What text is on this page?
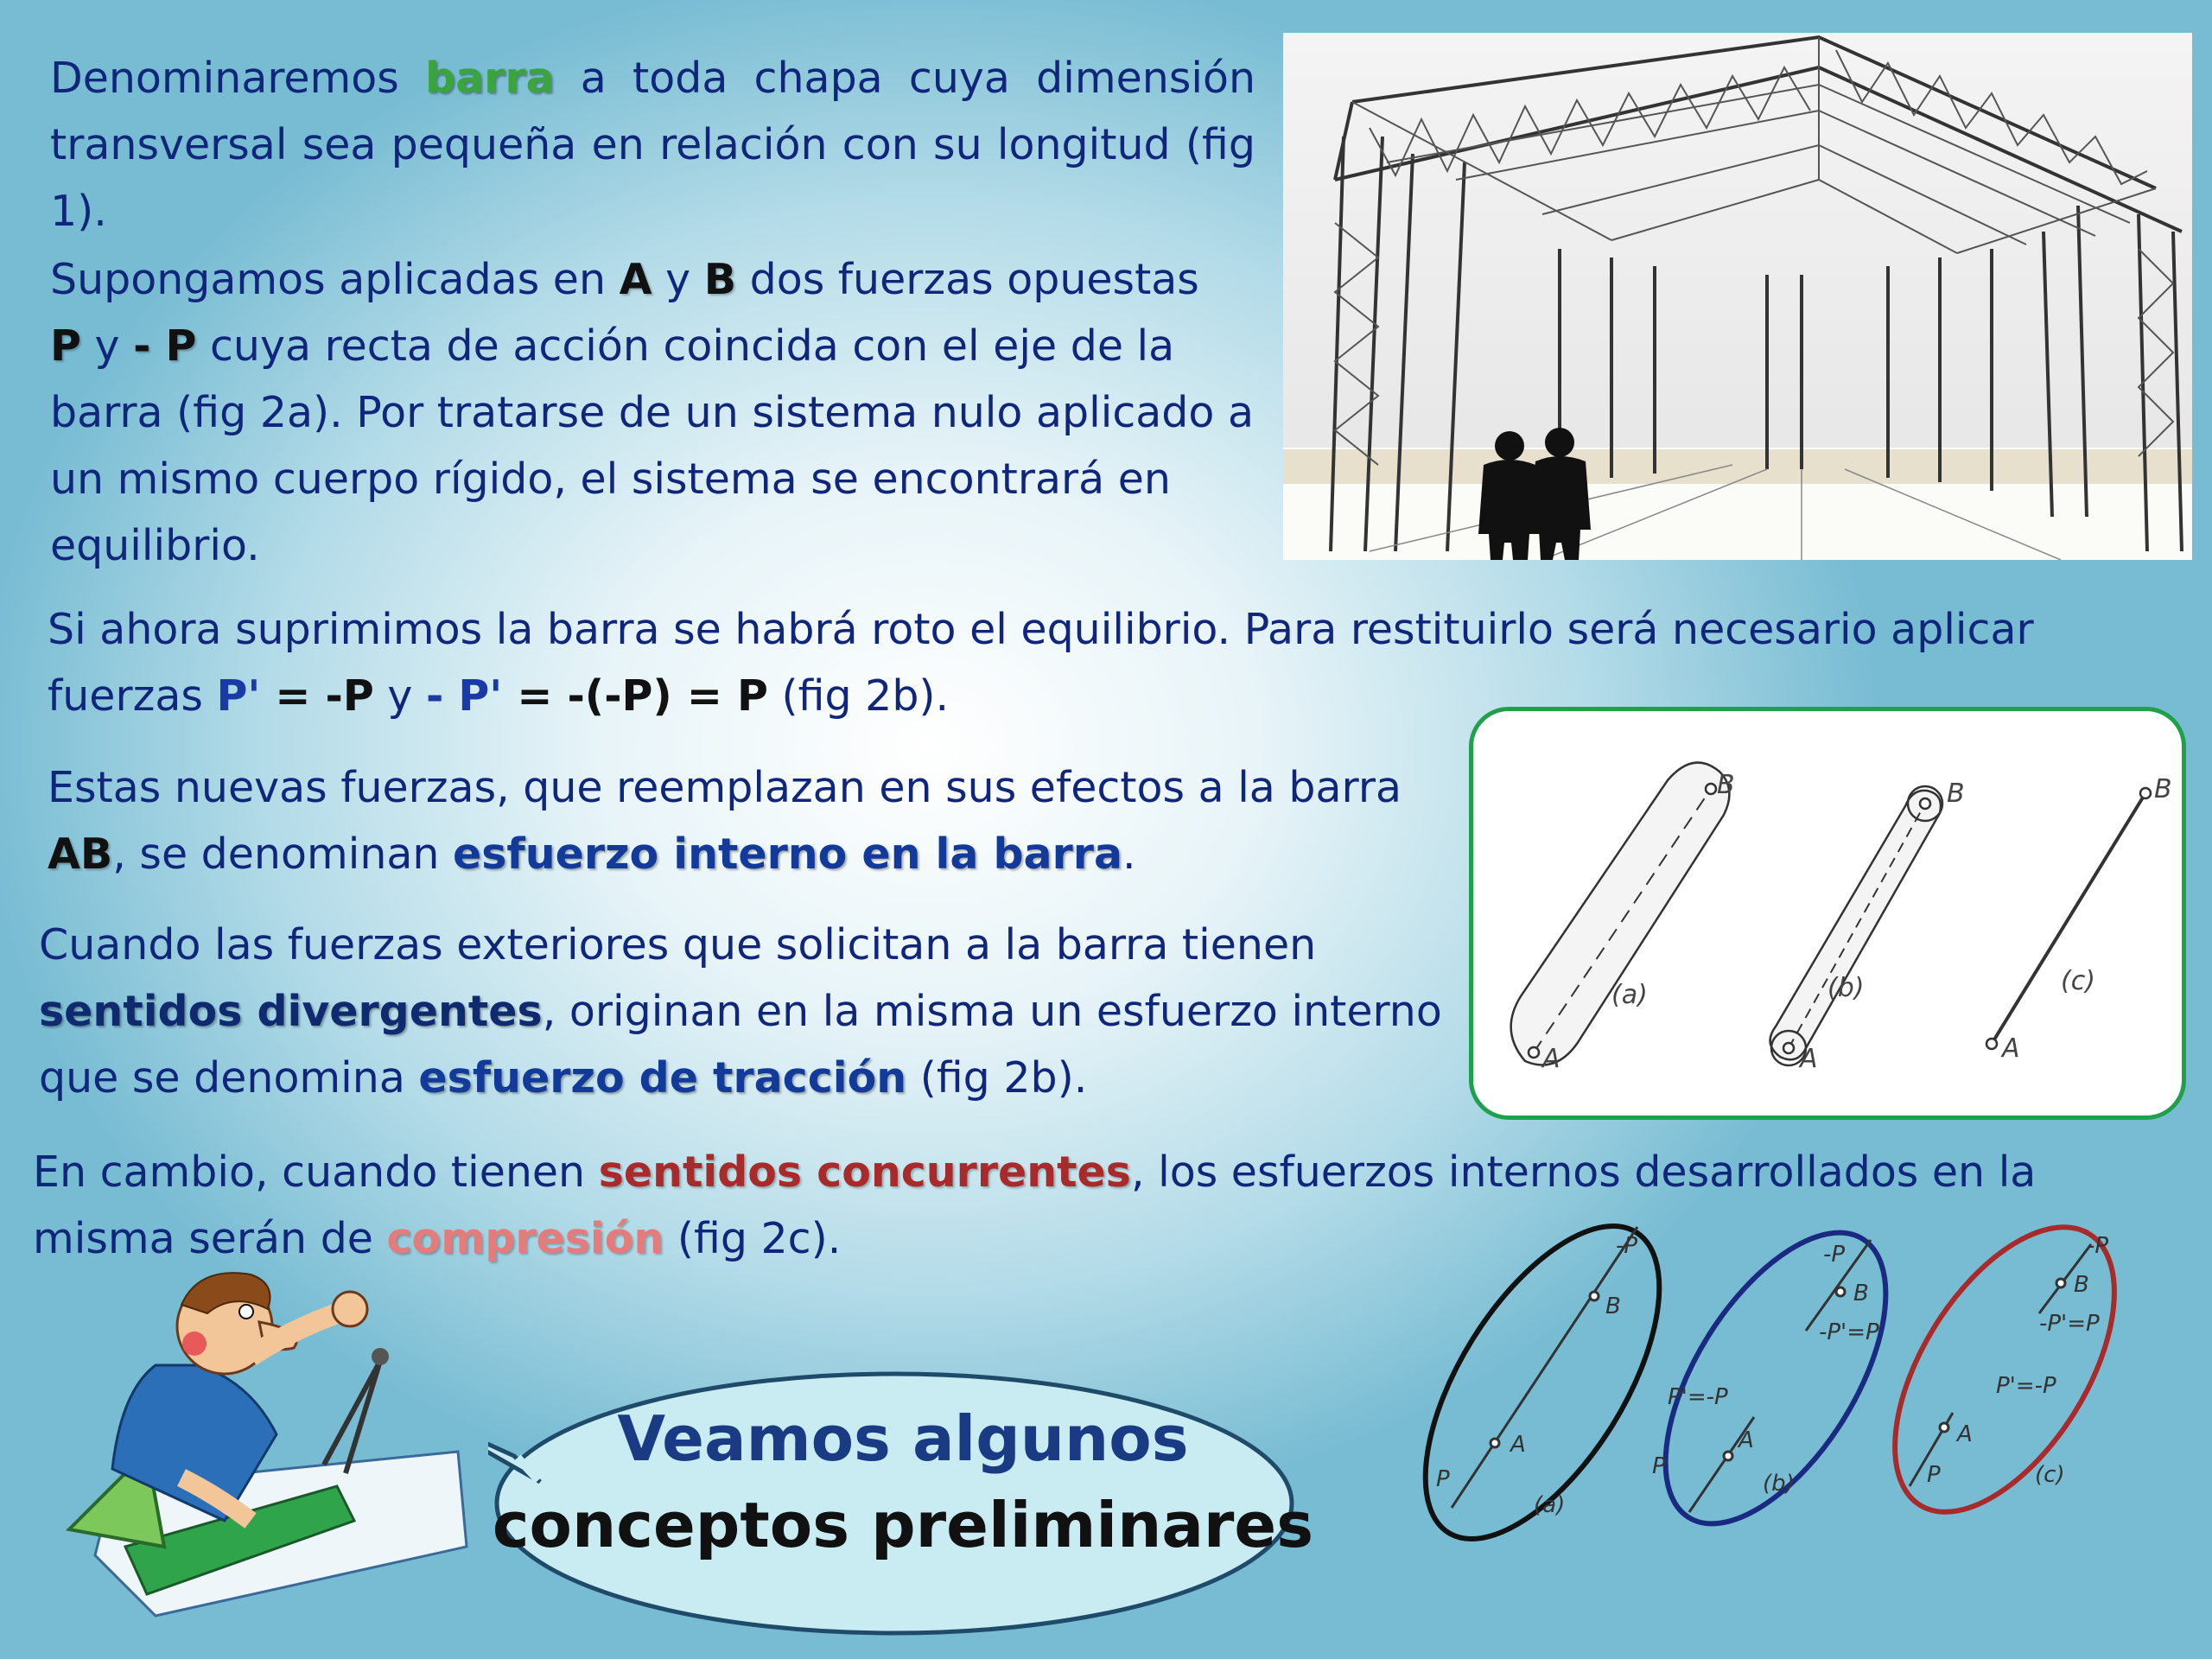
Denominaremos barra a toda chapa cuya dimensión transversal sea pequeña en relación con su longitud (fig 1).
Supongamos aplicadas en A y B dos fuerzas opuestas
P y - P cuya recta de acción coincida con el eje de la barra (fig 2a). Por tratarse de un sistema nulo aplicado a un mismo cuerpo rígido, el sistema se encontrará en equilibrio.
Si ahora suprimimos la barra se habrá roto el equilibrio. Para restituirlo será necesario aplicar fuerzas P' = -P y - P' = -(-P) = P (fig 2b).
Estas nuevas fuerzas, que reemplazan en sus efectos a la barra
AB, se denominan esfuerzo interno en la barra.
A
B
(a)
A
B
(b)
A
B
(c)
Cuando las fuerzas exteriores que solicitan a la barra tienen
sentidos divergentes, originan en la misma un esfuerzo interno
que se denomina esfuerzo de tracción (fig 2b).
En cambio, cuando tienen sentidos concurrentes, los esfuerzos internos desarrollados en la misma serán de compresión (fig 2c).	-P
B
A
P
(a)
-P
B
-P'=P
P'=-P
A
P
(b)
-P
B
-P'=P
P'=-P
A
P	(c)
Veamos algunos
conceptos preliminares
